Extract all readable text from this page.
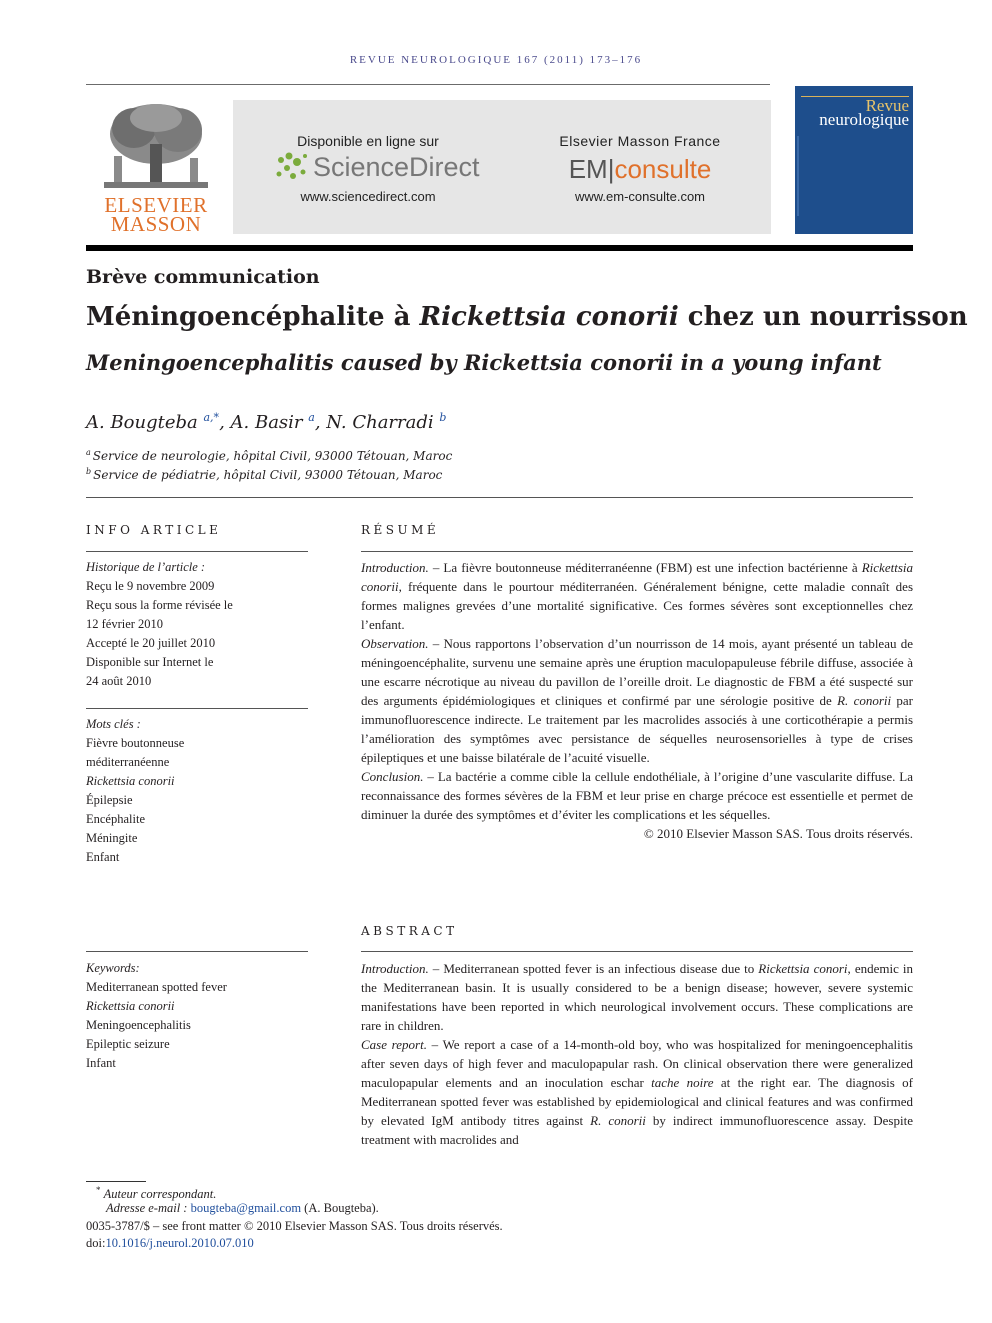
REVUE NEUROLOGIQUE 167 (2011) 173–176
ELSEVIER
MASSON
Disponible en ligne sur
ScienceDirect
www.sciencedirect.com
Elsevier Masson France
EM|consulte
www.em-consulte.com
Revue
neurologique
Brève communication
Méningoencéphalite à Rickettsia conorii chez un nourrisson
Meningoencephalitis caused by Rickettsia conorii in a young infant
A. Bougteba $^{a,*}$, A. Basir $^a$, N. Charradi $^b$
$^a$ Service de neurologie, hôpital Civil, 93000 Tétouan, Maroc
$^b$ Service de pédiatrie, hôpital Civil, 93000 Tétouan, Maroc
INFO ARTICLE
Historique de l’article :
Reçu le 9 novembre 2009
Reçu sous la forme révisée le
12 février 2010
Accepté le 20 juillet 2010
Disponible sur Internet le
24 août 2010
Mots clés :
Fièvre boutonneuse
méditerranéenne
Rickettsia conorii
Épilepsie
Encéphalite
Méningite
Enfant
Keywords:
Mediterranean spotted fever
Rickettsia conorii
Meningoencephalitis
Epileptic seizure
Infant
RÉSUMÉ

Introduction. – La fièvre boutonneuse méditerranéenne (FBM) est une infection bactérienne à Rickettsia conorii, fréquente dans le pourtour méditerranéen. Généralement bénigne, cette maladie connaît des formes malignes grevées d’une mortalité significative. Ces formes sévères sont exceptionnelles chez l’enfant.

Observation. – Nous rapportons l’observation d’un nourrisson de 14 mois, ayant présenté un tableau de méningoencéphalite, survenu une semaine après une éruption maculopapuleuse fébrile diffuse, associée à une escarre nécrotique au niveau du pavillon de l’oreille droit. Le diagnostic de FBM a été suspecté sur des arguments épidémiologiques et cliniques et confirmé par une sérologie positive de R. conorii par immunofluorescence indirecte. Le traitement par les macrolides associés à une corticothérapie a permis l’amélioration des symptômes avec persistance de séquelles neurosensorielles à type de crises épileptiques et une baisse bilatérale de l’acuité visuelle.

Conclusion. – La bactérie a comme cible la cellule endothéliale, à l’origine d’une vascularite diffuse. La reconnaissance des formes sévères de la FBM et leur prise en charge précoce est essentielle et permet de diminuer la durée des symptômes et d’éviter les complications et les séquelles.

© 2010 Elsevier Masson SAS. Tous droits réservés.

ABSTRACT

Introduction. – Mediterranean spotted fever is an infectious disease due to Rickettsia conori, endemic in the Mediterranean basin. It is usually considered to be a benign disease; however, severe systemic manifestations have been reported in which neurological involvement occurs. These complications are rare in children.

Case report. – We report a case of a 14-month-old boy, who was hospitalized for meningoencephalitis after seven days of high fever and maculopapular rash. On clinical observation there were generalized maculopapular elements and an inoculation eschar tache noire at the right ear. The diagnosis of Mediterranean spotted fever was established by epidemiological and clinical features and was confirmed by elevated IgM antibody titres against R. conorii by indirect immunofluorescence assay. Despite treatment with macrolides and

* Auteur correspondant.
Adresse e-mail : bougteba@gmail.com (A. Bougteba).
0035-3787/$ – see front matter © 2010 Elsevier Masson SAS. Tous droits réservés.
doi:10.1016/j.neurol.2010.07.010
